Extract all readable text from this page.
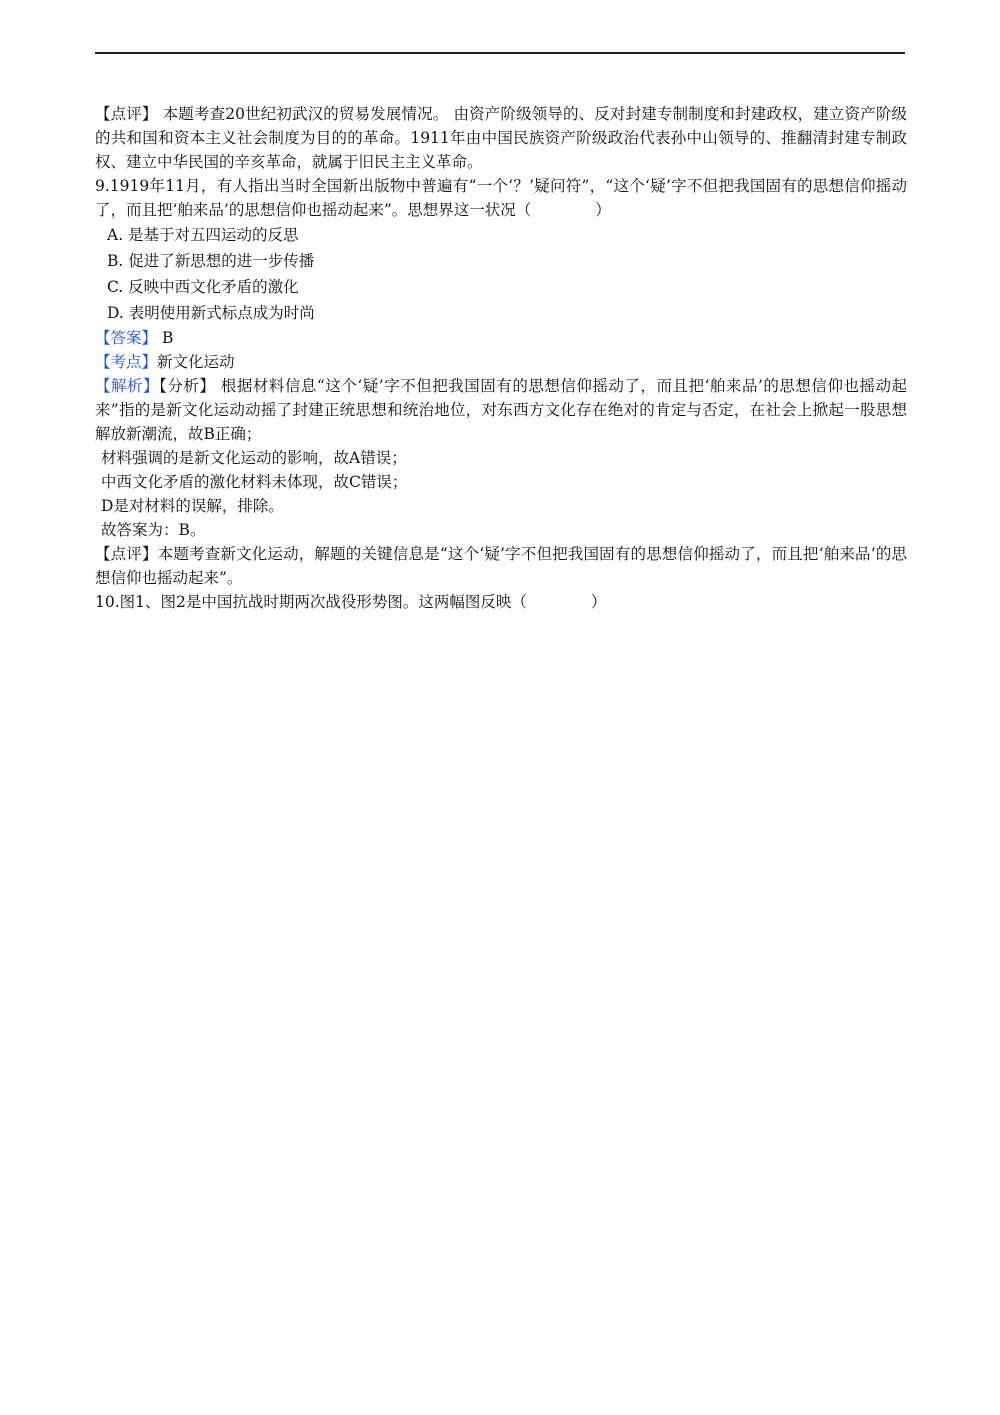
【点评】 本题考查20世纪初武汉的贸易发展情况。 由资产阶级领导的、反对封建专制制度和封建政权，建立资产阶级的共和国和资本主义社会制度为目的的革命。1911年由中国民族资产阶级政治代表孙中山领导的、推翻清封建专制政权、建立中华民国的辛亥革命，就属于旧民主主义革命。

9.1919年11月，有人指出当时全国新出版物中普遍有“一个‘？’疑问符”，“这个‘疑’字不但把我国固有的思想信仰摇动了，而且把‘舶来品’的思想信仰也摇动起来”。思想界这一状况（	）

A. 是基于对五四运动的反思

B. 促进了新思想的进一步传播

C. 反映中西文化矛盾的激化

D. 表明使用新式标点成为时尚

【答案】 B

【考点】新文化运动

【解析】【分析】 根据材料信息“这个‘疑’字不但把我国固有的思想信仰摇动了，而且把‘舶来品’的思想信仰也摇动起来”指的是新文化运动动摇了封建正统思想和统治地位，对东西方文化存在绝对的肯定与否定，在社会上掀起一股思想解放新潮流，故B正确；

材料强调的是新文化运动的影响，故A错误；

中西文化矛盾的激化材料未体现，故C错误；

D是对材料的误解，排除。

故答案为：B。

【点评】本题考查新文化运动，解题的关键信息是“这个‘疑’字不但把我国固有的思想信仰摇动了，而且把‘舶来品’的思想信仰也摇动起来”。

10.图1、图2是中国抗战时期两次战役形势图。这两幅图反映（	）
